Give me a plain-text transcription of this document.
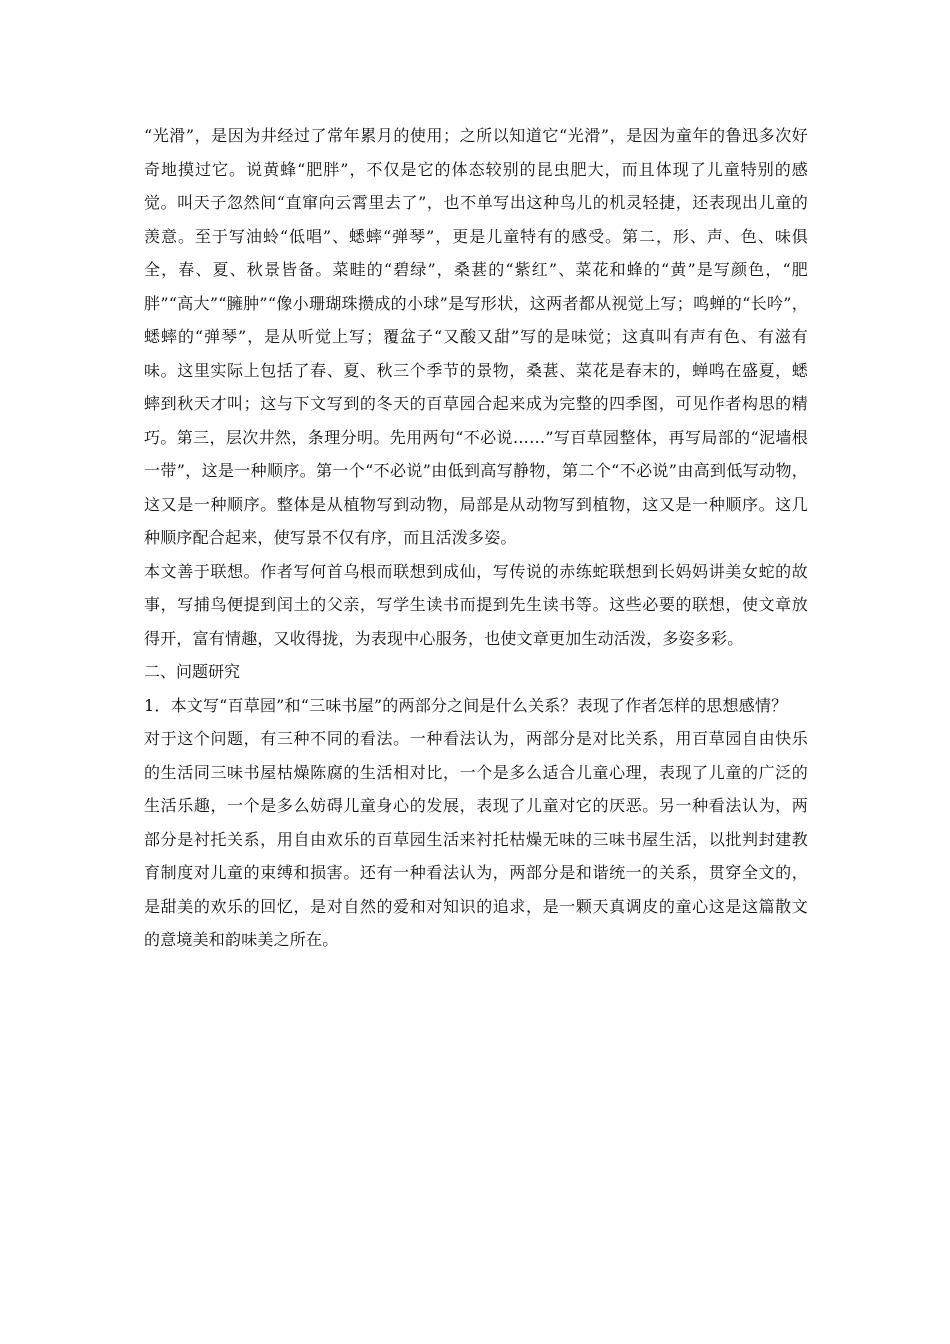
“光滑”，是因为井经过了常年累月的使用；之所以知道它“光滑”，是因为童年的鲁迅多次好奇地摸过它。说黄蜂“肥胖”，不仅是它的体态较别的昆虫肥大，而且体现了儿童特别的感觉。叫天子忽然间“直窜向云霄里去了”，也不单写出这种鸟儿的机灵轻捷，还表现出儿童的羡意。至于写油蛉“低唱”、蟋蟀“弹琴”，更是儿童特有的感受。第二，形、声、色、味俱全，春、夏、秋景皆备。菜畦的“碧绿”，桑葚的“紫红”、菜花和蜂的“黄”是写颜色，“肥胖”“高大”“臃肿”“像小珊瑚珠攒成的小球”是写形状，这两者都从视觉上写；鸣蝉的“长吟”，蟋蟀的“弹琴”，是从听觉上写；覆盆子“又酸又甜”写的是味觉；这真叫有声有色、有滋有味。这里实际上包括了春、夏、秋三个季节的景物，桑葚、菜花是春末的，蝉鸣在盛夏，蟋蟀到秋天才叫；这与下文写到的冬天的百草园合起来成为完整的四季图，可见作者构思的精巧。第三，层次井然，条理分明。先用两句“不必说……”写百草园整体，再写局部的“泥墙根一带”，这是一种顺序。第一个“不必说”由低到高写静物，第二个“不必说”由高到低写动物，这又是一种顺序。整体是从植物写到动物，局部是从动物写到植物，这又是一种顺序。这几种顺序配合起来，使写景不仅有序，而且活泼多姿。

本文善于联想。作者写何首乌根而联想到成仙，写传说的赤练蛇联想到长妈妈讲美女蛇的故事，写捕鸟便提到闰土的父亲，写学生读书而提到先生读书等。这些必要的联想，使文章放得开，富有情趣，又收得拢，为表现中心服务，也使文章更加生动活泼，多姿多彩。

二、问题研究

1．本文写“百草园”和“三味书屋”的两部分之间是什么关系？表现了作者怎样的思想感情？

对于这个问题，有三种不同的看法。一种看法认为，两部分是对比关系，用百草园自由快乐的生活同三味书屋枯燥陈腐的生活相对比，一个是多么适合儿童心理，表现了儿童的广泛的生活乐趣，一个是多么妨碍儿童身心的发展，表现了儿童对它的厌恶。另一种看法认为，两部分是衬托关系，用自由欢乐的百草园生活来衬托枯燥无味的三味书屋生活，以批判封建教育制度对儿童的束缚和损害。还有一种看法认为，两部分是和谐统一的关系，贯穿全文的，是甜美的欢乐的回忆，是对自然的爱和对知识的追求，是一颗天真调皮的童心这是这篇散文的意境美和韵味美之所在。
